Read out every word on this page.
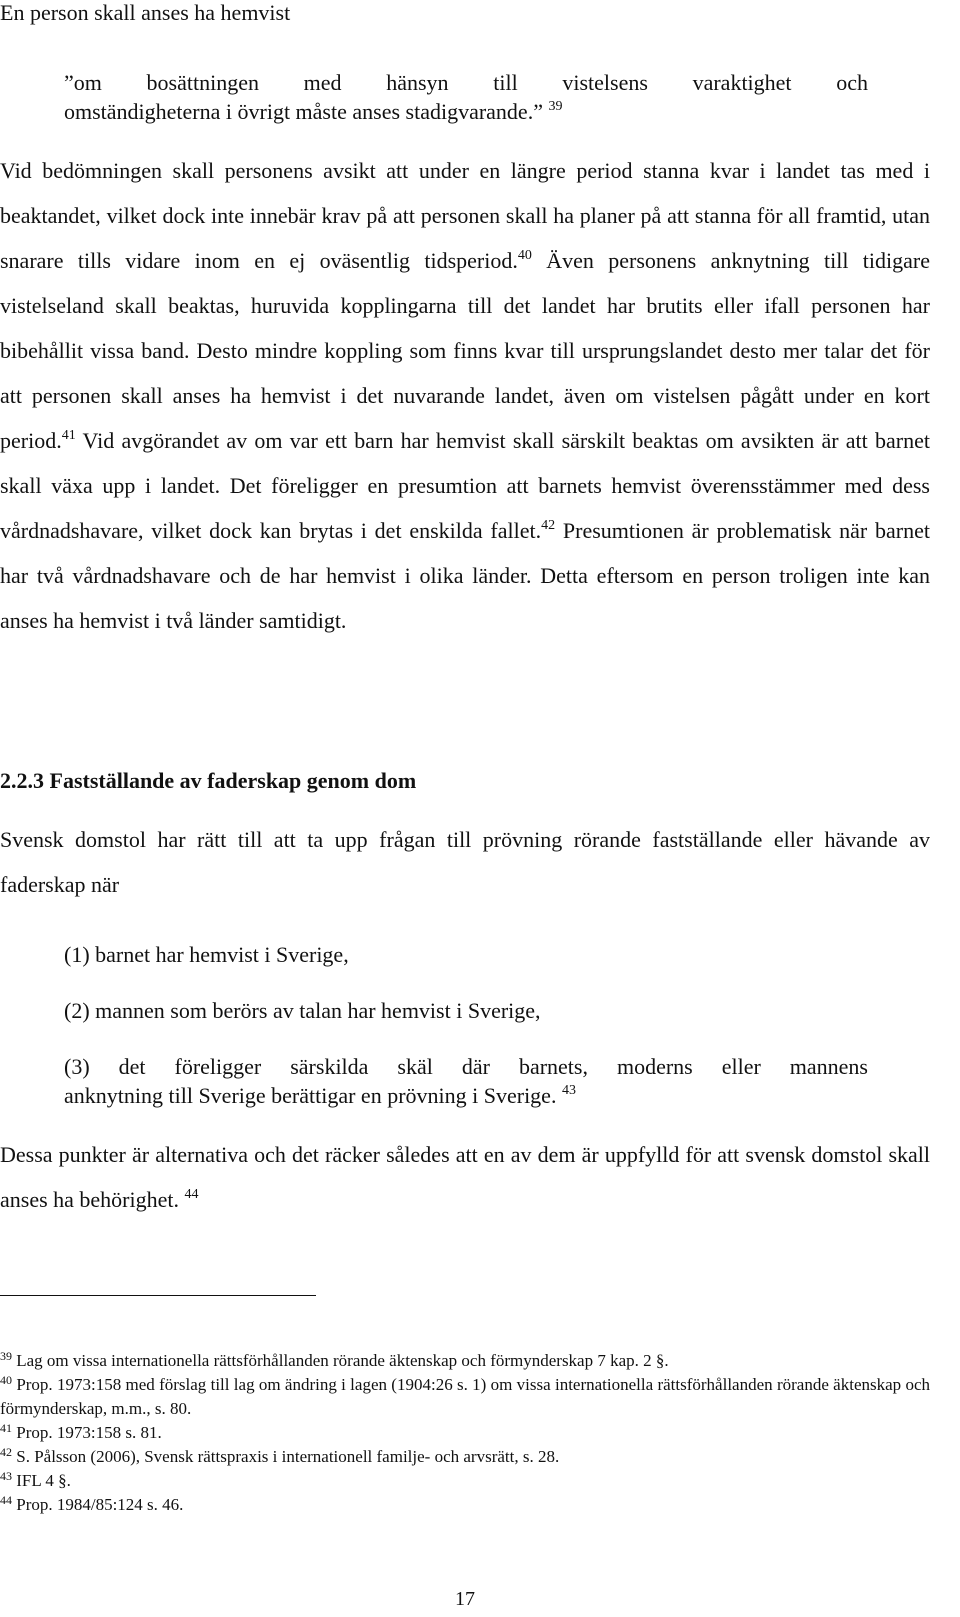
En person skall anses ha hemvist
”om bosättningen med hänsyn till vistelsens varaktighet och
omständigheterna i övrigt måste anses stadigvarande.” $^{39}$
Vid bedömningen skall personens avsikt att under en längre period stanna kvar i landet tas med i beaktandet, vilket dock inte innebär krav på att personen skall ha planer på att stanna för all framtid, utan snarare tills vidare inom en ej oväsentlig tidsperiod.$^{40}$ Även personens anknytning till tidigare vistelseland skall beaktas, huruvida kopplingarna till det landet har brutits eller ifall personen har bibehållit vissa band. Desto mindre koppling som finns kvar till ursprungslandet desto mer talar det för att personen skall anses ha hemvist i det nuvarande landet, även om vistelsen pågått under en kort period.$^{41}$ Vid avgörandet av om var ett barn har hemvist skall särskilt beaktas om avsikten är att barnet skall växa upp i landet. Det föreligger en presumtion att barnets hemvist överensstämmer med dess vårdnadshavare, vilket dock kan brytas i det enskilda fallet.$^{42}$ Presumtionen är problematisk när barnet har två vårdnadshavare och de har hemvist i olika länder. Detta eftersom en person troligen inte kan anses ha hemvist i två länder samtidigt.
2.2.3 Fastställande av faderskap genom dom
Svensk domstol har rätt till att ta upp frågan till prövning rörande fastställande eller hävande av faderskap när
(1) barnet har hemvist i Sverige,
(2) mannen som berörs av talan har hemvist i Sverige,
(3) det föreligger särskilda skäl där barnets, moderns eller mannens
anknytning till Sverige berättigar en prövning i Sverige. $^{43}$
Dessa punkter är alternativa och det räcker således att en av dem är uppfylld för att svensk domstol skall anses ha behörighet. $^{44}$
$^{39}$ Lag om vissa internationella rättsförhållanden rörande äktenskap och förmynderskap 7 kap. 2 §.
$^{40}$ Prop. 1973:158 med förslag till lag om ändring i lagen (1904:26 s. 1) om vissa internationella rättsförhållanden rörande äktenskap och förmynderskap, m.m., s. 80.
$^{41}$ Prop. 1973:158 s. 81.
$^{42}$ S. Pålsson (2006), Svensk rättspraxis i internationell familje- och arvsrätt, s. 28.
$^{43}$ IFL 4 §.
$^{44}$ Prop. 1984/85:124 s. 46.
17
